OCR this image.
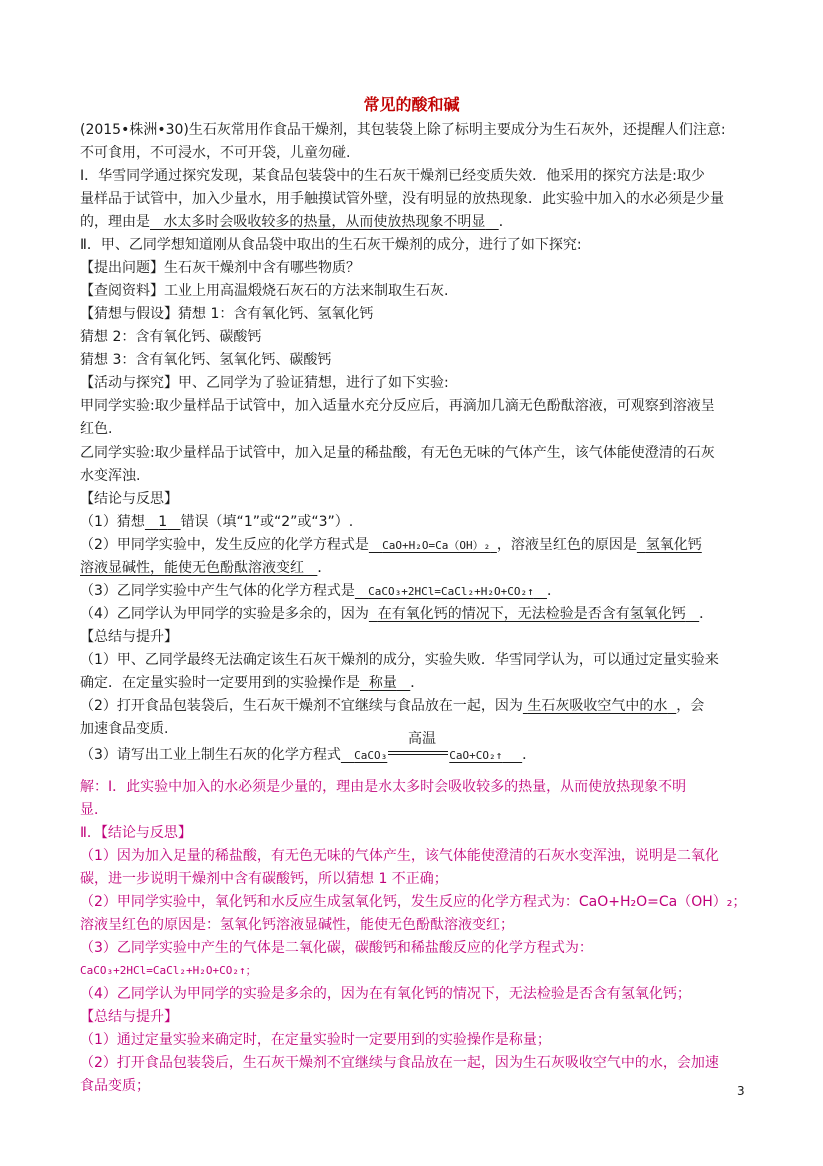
常见的酸和碱
(2015•株洲•30)生石灰常用作食品干燥剂，其包装袋上除了标明主要成分为生石灰外，还提醒人们注意:
不可食用，不可浸水，不可开袋，儿童勿碰.
Ⅰ．华雪同学通过探究发现，某食品包装袋中的生石灰干燥剂已经变质失效．他采用的探究方法是:取少
量样品于试管中，加入少量水，用手触摸试管外壁，没有明显的放热现象．此实验中加入的水必须是少量
的，理由是 水太多时会吸收较多的热量，从而使放热现象不明显 ．
Ⅱ．甲、乙同学想知道刚从食品袋中取出的生石灰干燥剂的成分，进行了如下探究:
【提出问题】生石灰干燥剂中含有哪些物质？
【查阅资料】工业上用高温煅烧石灰石的方法来制取生石灰.
【猜想与假设】猜想 1：含有氧化钙、氢氧化钙
猜想 2：含有氧化钙、碳酸钙
猜想 3：含有氧化钙、氢氧化钙、碳酸钙
【活动与探究】甲、乙同学为了验证猜想，进行了如下实验:
甲同学实验:取少量样品于试管中，加入适量水充分反应后，再滴加几滴无色酚酞溶液，可观察到溶液呈
红色.
乙同学实验:取少量样品于试管中，加入足量的稀盐酸，有无色无味的气体产生，该气体能使澄清的石灰
水变浑浊.
【结论与反思】
（1）猜想 1 错误（填“1”或“2”或“3”）.
（2）甲同学实验中，发生反应的化学方程式是 CaO+H₂O=Ca（OH）₂ ，溶液呈红色的原因是 氢氧化钙
溶液显碱性，能使无色酚酞溶液变红 ．
（3）乙同学实验中产生气体的化学方程式是 CaCO₃+2HCl=CaCl₂+H₂O+CO₂↑ ．
（4）乙同学认为甲同学的实验是多余的，因为 在有氧化钙的情况下，无法检验是否含有氢氧化钙 ．
【总结与提升】
（1）甲、乙同学最终无法确定该生石灰干燥剂的成分，实验失败．华雪同学认为，可以通过定量实验来
确定．在定量实验时一定要用到的实验操作是 称量 ．
（2）打开食品包装袋后，生石灰干燥剂不宜继续与食品放在一起，因为 生石灰吸收空气中的水 ，会
加速食品变质.
（3）请写出工业上制生石灰的化学方程式 CaCO₃	CaO+CO₂↑ ．
高温
解：Ⅰ．此实验中加入的水必须是少量的，理由是水太多时会吸收较多的热量，从而使放热现象不明
显．
Ⅱ．【结论与反思】
（1）因为加入足量的稀盐酸，有无色无味的气体产生，该气体能使澄清的石灰水变浑浊，说明是二氧化
碳，进一步说明干燥剂中含有碳酸钙，所以猜想 1 不正确；
（2）甲同学实验中，氧化钙和水反应生成氢氧化钙，发生反应的化学方程式为：CaO+H₂O=Ca（OH）₂；
溶液呈红色的原因是：氢氧化钙溶液显碱性，能使无色酚酞溶液变红；
（3）乙同学实验中产生的气体是二氧化碳，碳酸钙和稀盐酸反应的化学方程式为：
CaCO₃+2HCl=CaCl₂+H₂O+CO₂↑；
（4）乙同学认为甲同学的实验是多余的，因为在有氧化钙的情况下，无法检验是否含有氢氧化钙；
【总结与提升】
（1）通过定量实验来确定时，在定量实验时一定要用到的实验操作是称量；
（2）打开食品包装袋后，生石灰干燥剂不宜继续与食品放在一起，因为生石灰吸收空气中的水，会加速
食品变质；	3
